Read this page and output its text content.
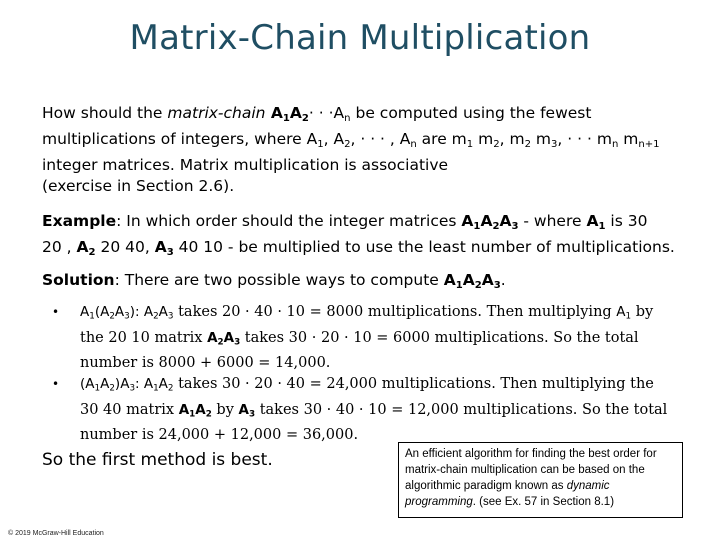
Matrix-Chain Multiplication
How should the matrix-chain $A_1A_2\cdot \cdot \cdot A_n$ be computed using the fewest
multiplications of integers, where $A_1$, $A_2$, · · · , $A_n$ are $m_1$ $m_2$, $m_2$ $m_3$, · · · $m_n$ $m_{n+1}$
integer matrices. Matrix multiplication is associative
(exercise in Section 2.6).
Example: In which order should the integer matrices $A_1A_2A_3$ - where $A_1$ is 30
20 , $A_2$ 20 40, $A_3$ 40 10 - be multiplied to use the least number of multiplications.
Solution: There are two possible ways to compute $A_1A_2A_3$.
• $A_1(A_2A_3)$: $A_2A_3$ takes 20 · 40 · 10 = 8000 multiplications. Then multiplying $A_1$ by
the 20 10 matrix $A_2A_3$ takes 30 · 20 · 10 = 6000 multiplications. So the total
number is 8000 + 6000 = 14,000.
• $(A_1A_2)A_3$: $A_1A_2$ takes 30 · 20 · 40 = 24,000 multiplications. Then multiplying the
30 40 matrix $A_1A_2$ by $A_3$ takes 30 · 40 · 10 = 12,000 multiplications. So the total
number is 24,000 + 12,000 = 36,000.
So the first method is best.	An efficient algorithm for finding the best order for matrix-chain multiplication can be based on the algorithmic paradigm known as dynamic programming. (see Ex. 57 in Section 8.1)
© 2019 McGraw-Hill Education
